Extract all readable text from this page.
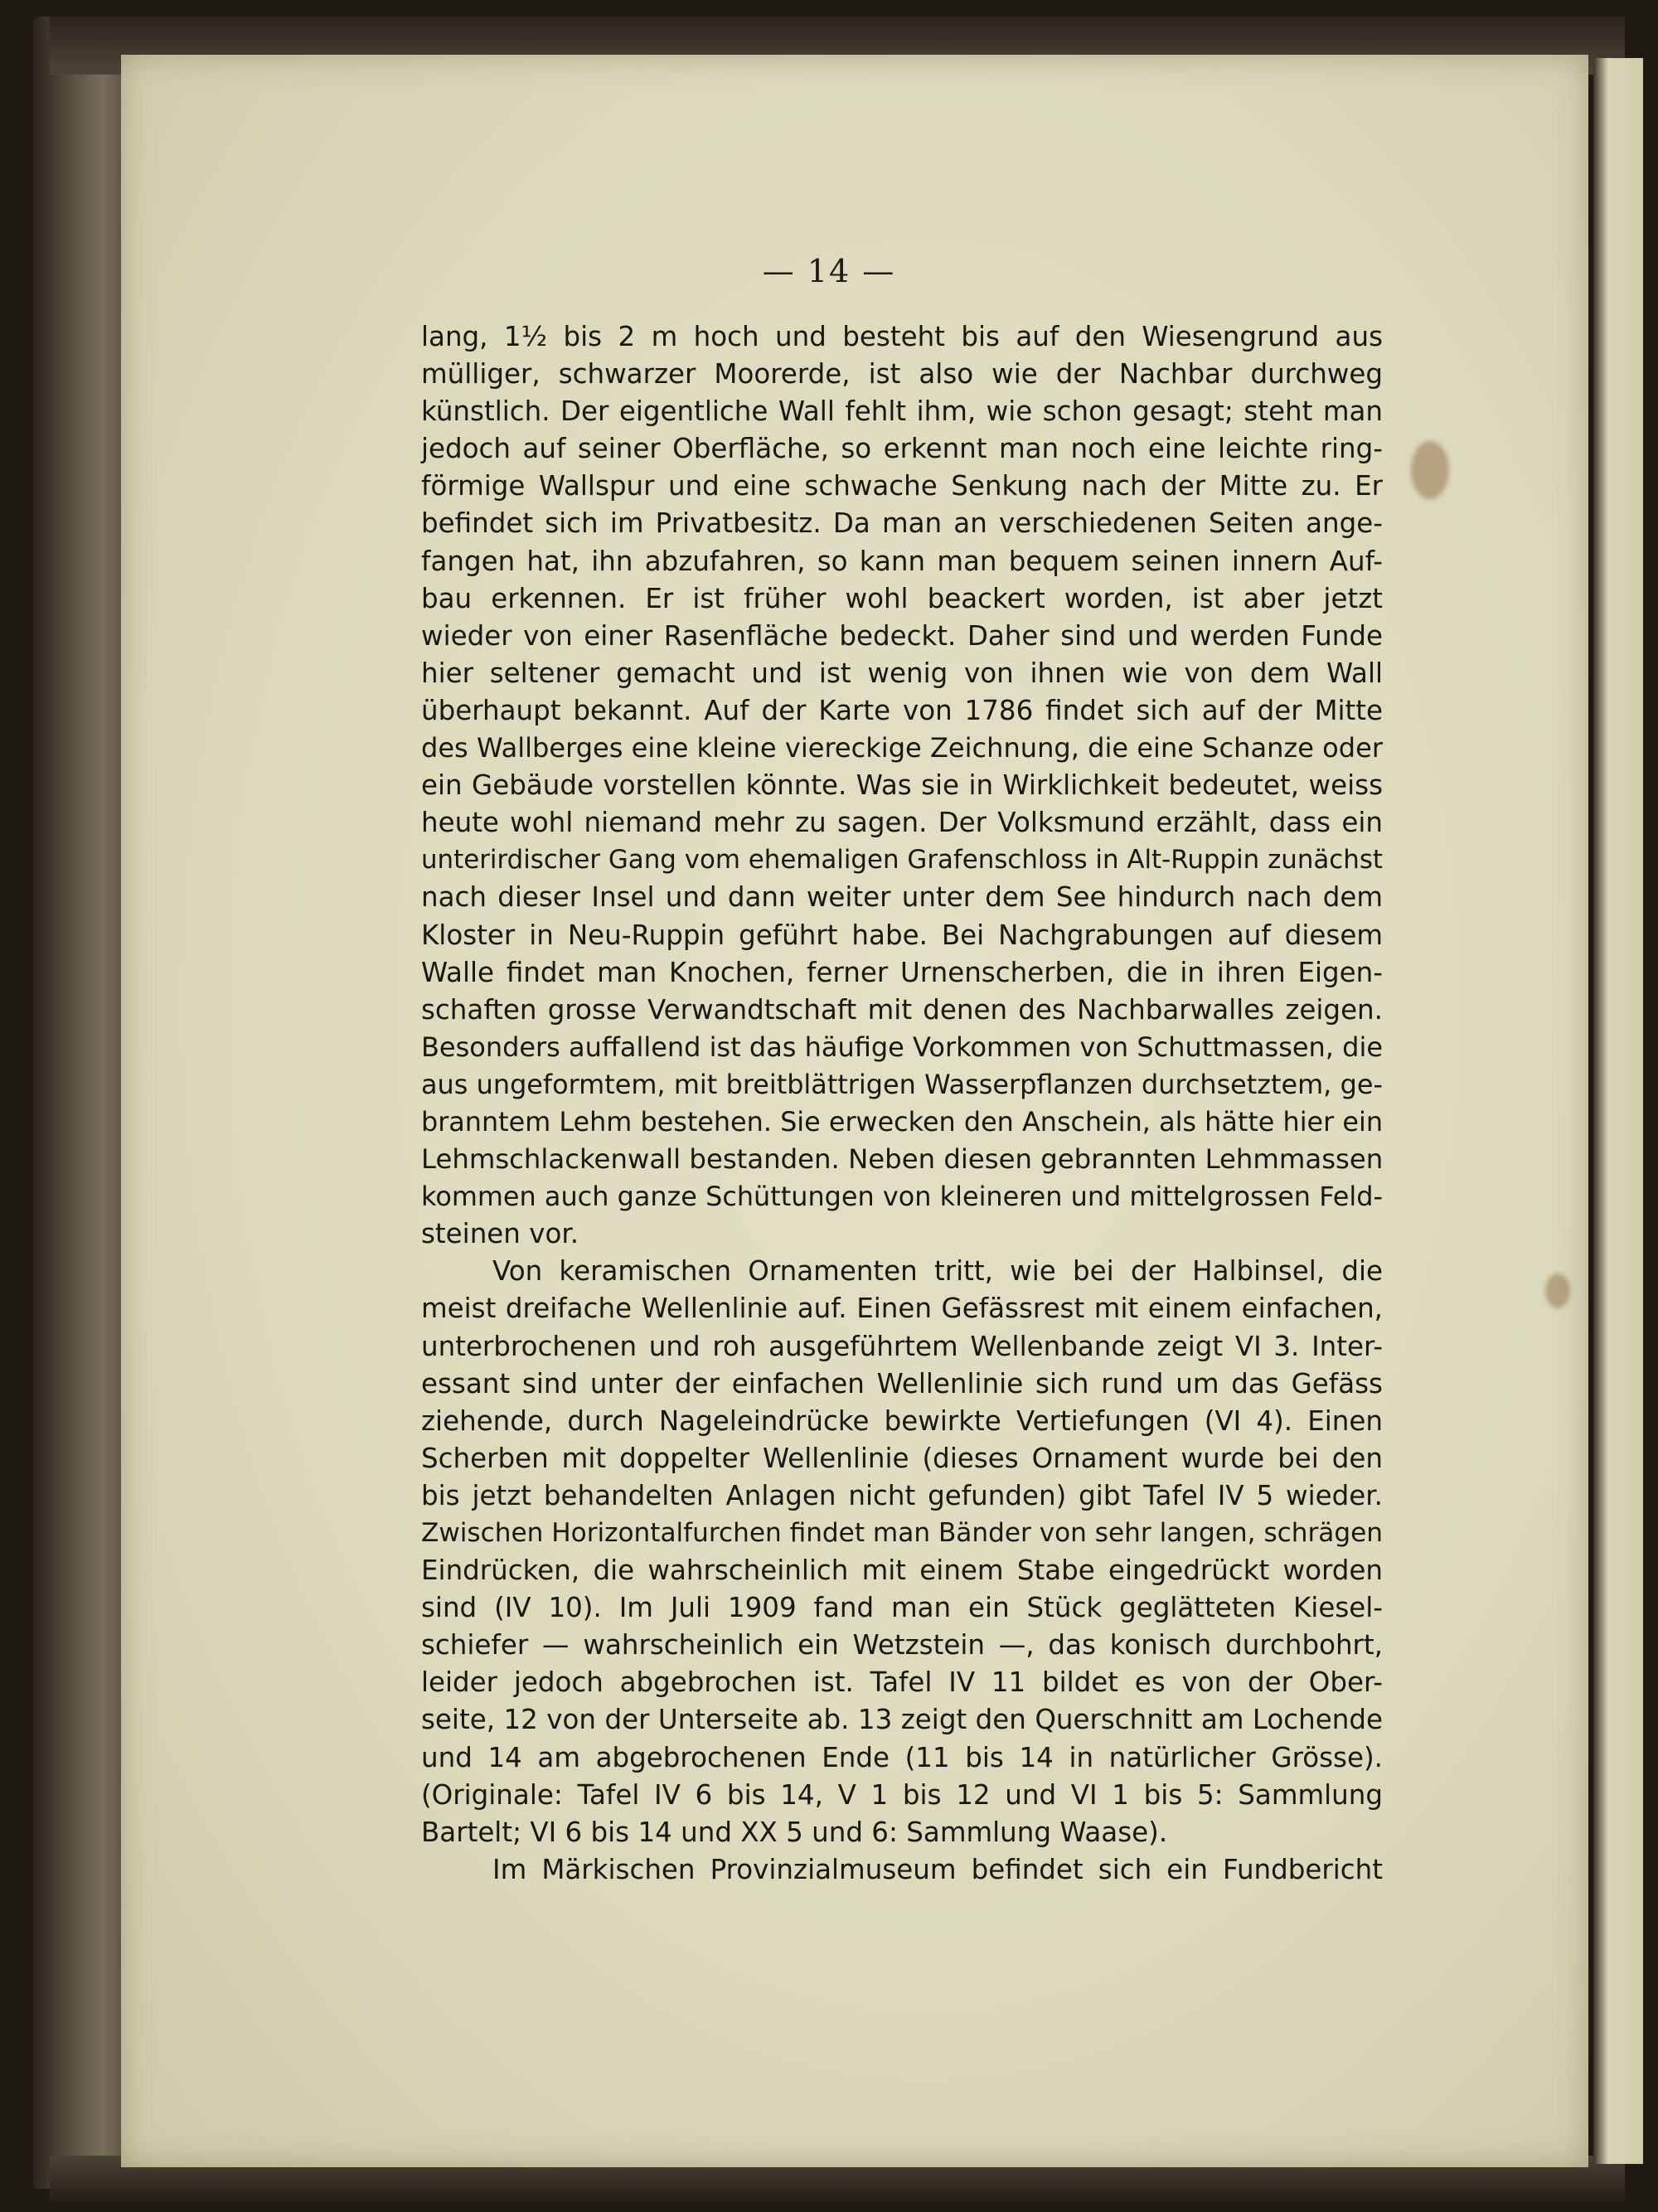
— 14 —
lang, 1½ bis 2 m hoch und besteht bis auf den Wiesengrund aus
mülliger, schwarzer Moorerde, ist also wie der Nachbar durchweg
künstlich. Der eigentliche Wall fehlt ihm, wie schon gesagt; steht man
jedoch auf seiner Oberfläche, so erkennt man noch eine leichte ring-
förmige Wallspur und eine schwache Senkung nach der Mitte zu. Er
befindet sich im Privatbesitz. Da man an verschiedenen Seiten ange-
fangen hat, ihn abzufahren, so kann man bequem seinen innern Auf-
bau erkennen. Er ist früher wohl beackert worden, ist aber jetzt
wieder von einer Rasenfläche bedeckt. Daher sind und werden Funde
hier seltener gemacht und ist wenig von ihnen wie von dem Wall
überhaupt bekannt. Auf der Karte von 1786 findet sich auf der Mitte
des Wallberges eine kleine viereckige Zeichnung, die eine Schanze oder
ein Gebäude vorstellen könnte. Was sie in Wirklichkeit bedeutet, weiss
heute wohl niemand mehr zu sagen. Der Volksmund erzählt, dass ein
unterirdischer Gang vom ehemaligen Grafenschloss in Alt-Ruppin zunächst
nach dieser Insel und dann weiter unter dem See hindurch nach dem
Kloster in Neu-Ruppin geführt habe. Bei Nachgrabungen auf diesem
Walle findet man Knochen, ferner Urnenscherben, die in ihren Eigen-
schaften grosse Verwandtschaft mit denen des Nachbarwalles zeigen.
Besonders auffallend ist das häufige Vorkommen von Schuttmassen, die
aus ungeformtem, mit breitblättrigen Wasserpflanzen durchsetztem, ge-
branntem Lehm bestehen. Sie erwecken den Anschein, als hätte hier ein
Lehmschlackenwall bestanden. Neben diesen gebrannten Lehmmassen
kommen auch ganze Schüttungen von kleineren und mittelgrossen Feld-
steinen vor.
Von keramischen Ornamenten tritt, wie bei der Halbinsel, die
meist dreifache Wellenlinie auf. Einen Gefässrest mit einem einfachen,
unterbrochenen und roh ausgeführtem Wellenbande zeigt VI 3. Inter-
essant sind unter der einfachen Wellenlinie sich rund um das Gefäss
ziehende, durch Nageleindrücke bewirkte Vertiefungen (VI 4). Einen
Scherben mit doppelter Wellenlinie (dieses Ornament wurde bei den
bis jetzt behandelten Anlagen nicht gefunden) gibt Tafel IV 5 wieder.
Zwischen Horizontalfurchen findet man Bänder von sehr langen, schrägen
Eindrücken, die wahrscheinlich mit einem Stabe eingedrückt worden
sind (IV 10). Im Juli 1909 fand man ein Stück geglätteten Kiesel-
schiefer — wahrscheinlich ein Wetzstein —, das konisch durchbohrt,
leider jedoch abgebrochen ist. Tafel IV 11 bildet es von der Ober-
seite, 12 von der Unterseite ab. 13 zeigt den Querschnitt am Lochende
und 14 am abgebrochenen Ende (11 bis 14 in natürlicher Grösse).
(Originale: Tafel IV 6 bis 14, V 1 bis 12 und VI 1 bis 5: Sammlung
Bartelt; VI 6 bis 14 und XX 5 und 6: Sammlung Waase).
Im Märkischen Provinzialmuseum befindet sich ein Fundbericht
